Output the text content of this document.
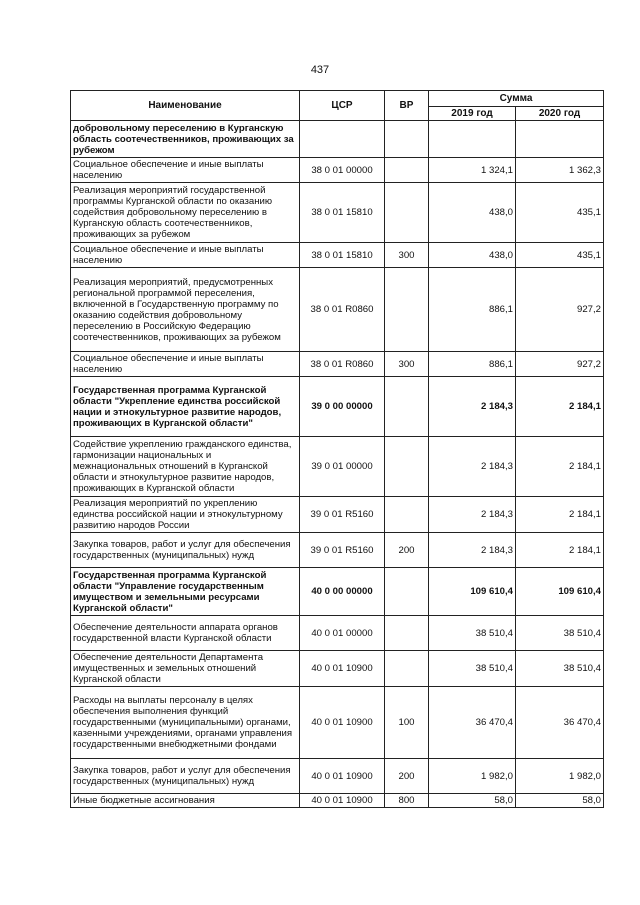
437
Наименование	ЦСР	ВР	Сумма	
			2019 год	2020 год
добровольному переселению в Курганскую область соотечественников, проживающих за рубежом				
Социальное обеспечение и иные выплаты населению	38 0 01 00000		1 324,1	1 362,3
Реализация мероприятий государственной программы Курганской области по оказанию содействия добровольному переселению в Курганскую область соотечественников, проживающих за рубежом	38 0 01 15810		438,0	435,1
Социальное обеспечение и иные выплаты населению	38 0 01 15810	300	438,0	435,1
Реализация мероприятий, предусмотренных региональной программой переселения, включенной в Государственную программу по оказанию содействия добровольному переселению в Российскую Федерацию соотечественников, проживающих за рубежом	38 0 01 R0860		886,1	927,2
Социальное обеспечение и иные выплаты населению	38 0 01 R0860	300	886,1	927,2
Государственная программа Курганской области "Укрепление единства российской нации и этнокультурное развитие народов, проживающих в Курганской области"	39 0 00 00000		2 184,3	2 184,1
Содействие укреплению гражданского единства, гармонизации национальных и межнациональных отношений в Курганской области и этнокультурное развитие народов, проживающих в Курганской области	39 0 01 00000		2 184,3	2 184,1
Реализация мероприятий по укреплению единства российской нации и этнокультурному развитию народов России	39 0 01 R5160		2 184,3	2 184,1
Закупка товаров, работ и услуг для обеспечения государственных (муниципальных) нужд	39 0 01 R5160	200	2 184,3	2 184,1
Государственная программа Курганской области "Управление государственным имуществом и земельными ресурсами Курганской области"	40 0 00 00000		109 610,4	109 610,4
Обеспечение деятельности аппарата органов государственной власти Курганской области	40 0 01 00000		38 510,4	38 510,4
Обеспечение деятельности Департамента имущественных и земельных отношений Курганской области	40 0 01 10900		38 510,4	38 510,4
Расходы на выплаты персоналу в целях обеспечения выполнения функций государственными (муниципальными) органами, казенными учреждениями, органами управления государственными внебюджетными фондами	40 0 01 10900	100	36 470,4	36 470,4
Закупка товаров, работ и услуг для обеспечения государственных (муниципальных) нужд	40 0 01 10900	200	1 982,0	1 982,0
Иные бюджетные ассигнования	40 0 01 10900	800	58,0	58,0
